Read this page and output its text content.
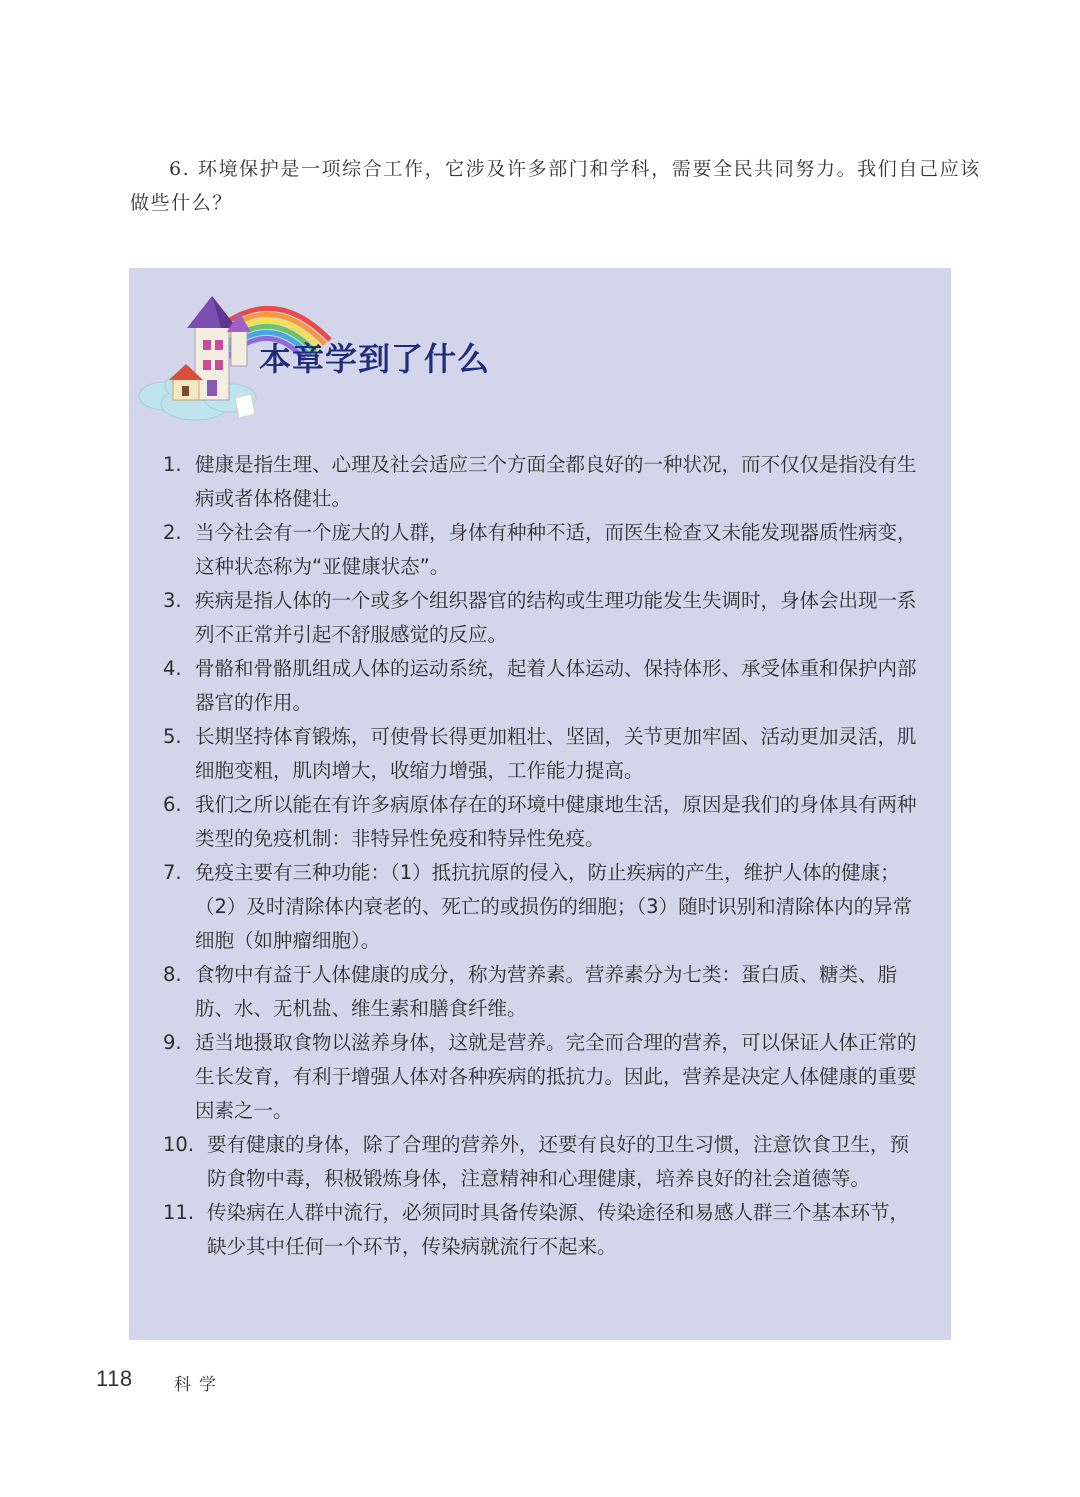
6. 环境保护是一项综合工作，它涉及许多部门和学科，需要全民共同努力。我们自己应该
做些什么？
本章学到了什么
1. 健康是指生理、心理及社会适应三个方面全都良好的一种状况，而不仅仅是指没有生病或者体格健壮。
2. 当今社会有一个庞大的人群，身体有种种不适，而医生检查又未能发现器质性病变，这种状态称为“亚健康状态”。
3. 疾病是指人体的一个或多个组织器官的结构或生理功能发生失调时，身体会出现一系列不正常并引起不舒服感觉的反应。
4. 骨骼和骨骼肌组成人体的运动系统，起着人体运动、保持体形、承受体重和保护内部器官的作用。
5. 长期坚持体育锻炼，可使骨长得更加粗壮、坚固，关节更加牢固、活动更加灵活，肌细胞变粗，肌肉增大，收缩力增强，工作能力提高。
6. 我们之所以能在有许多病原体存在的环境中健康地生活，原因是我们的身体具有两种类型的免疫机制：非特异性免疫和特异性免疫。
7. 免疫主要有三种功能：（1）抵抗抗原的侵入，防止疾病的产生，维护人体的健康；（2）及时清除体内衰老的、死亡的或损伤的细胞；（3）随时识别和清除体内的异常细胞（如肿瘤细胞）。
8. 食物中有益于人体健康的成分，称为营养素。营养素分为七类：蛋白质、糖类、脂肪、水、无机盐、维生素和膳食纤维。
9. 适当地摄取食物以滋养身体，这就是营养。完全而合理的营养，可以保证人体正常的生长发育，有利于增强人体对各种疾病的抵抗力。因此，营养是决定人体健康的重要因素之一。
10. 要有健康的身体，除了合理的营养外，还要有良好的卫生习惯，注意饮食卫生，预防食物中毒，积极锻炼身体，注意精神和心理健康，培养良好的社会道德等。
11. 传染病在人群中流行，必须同时具备传染源、传染途径和易感人群三个基本环节，缺少其中任何一个环节，传染病就流行不起来。
118 科学
